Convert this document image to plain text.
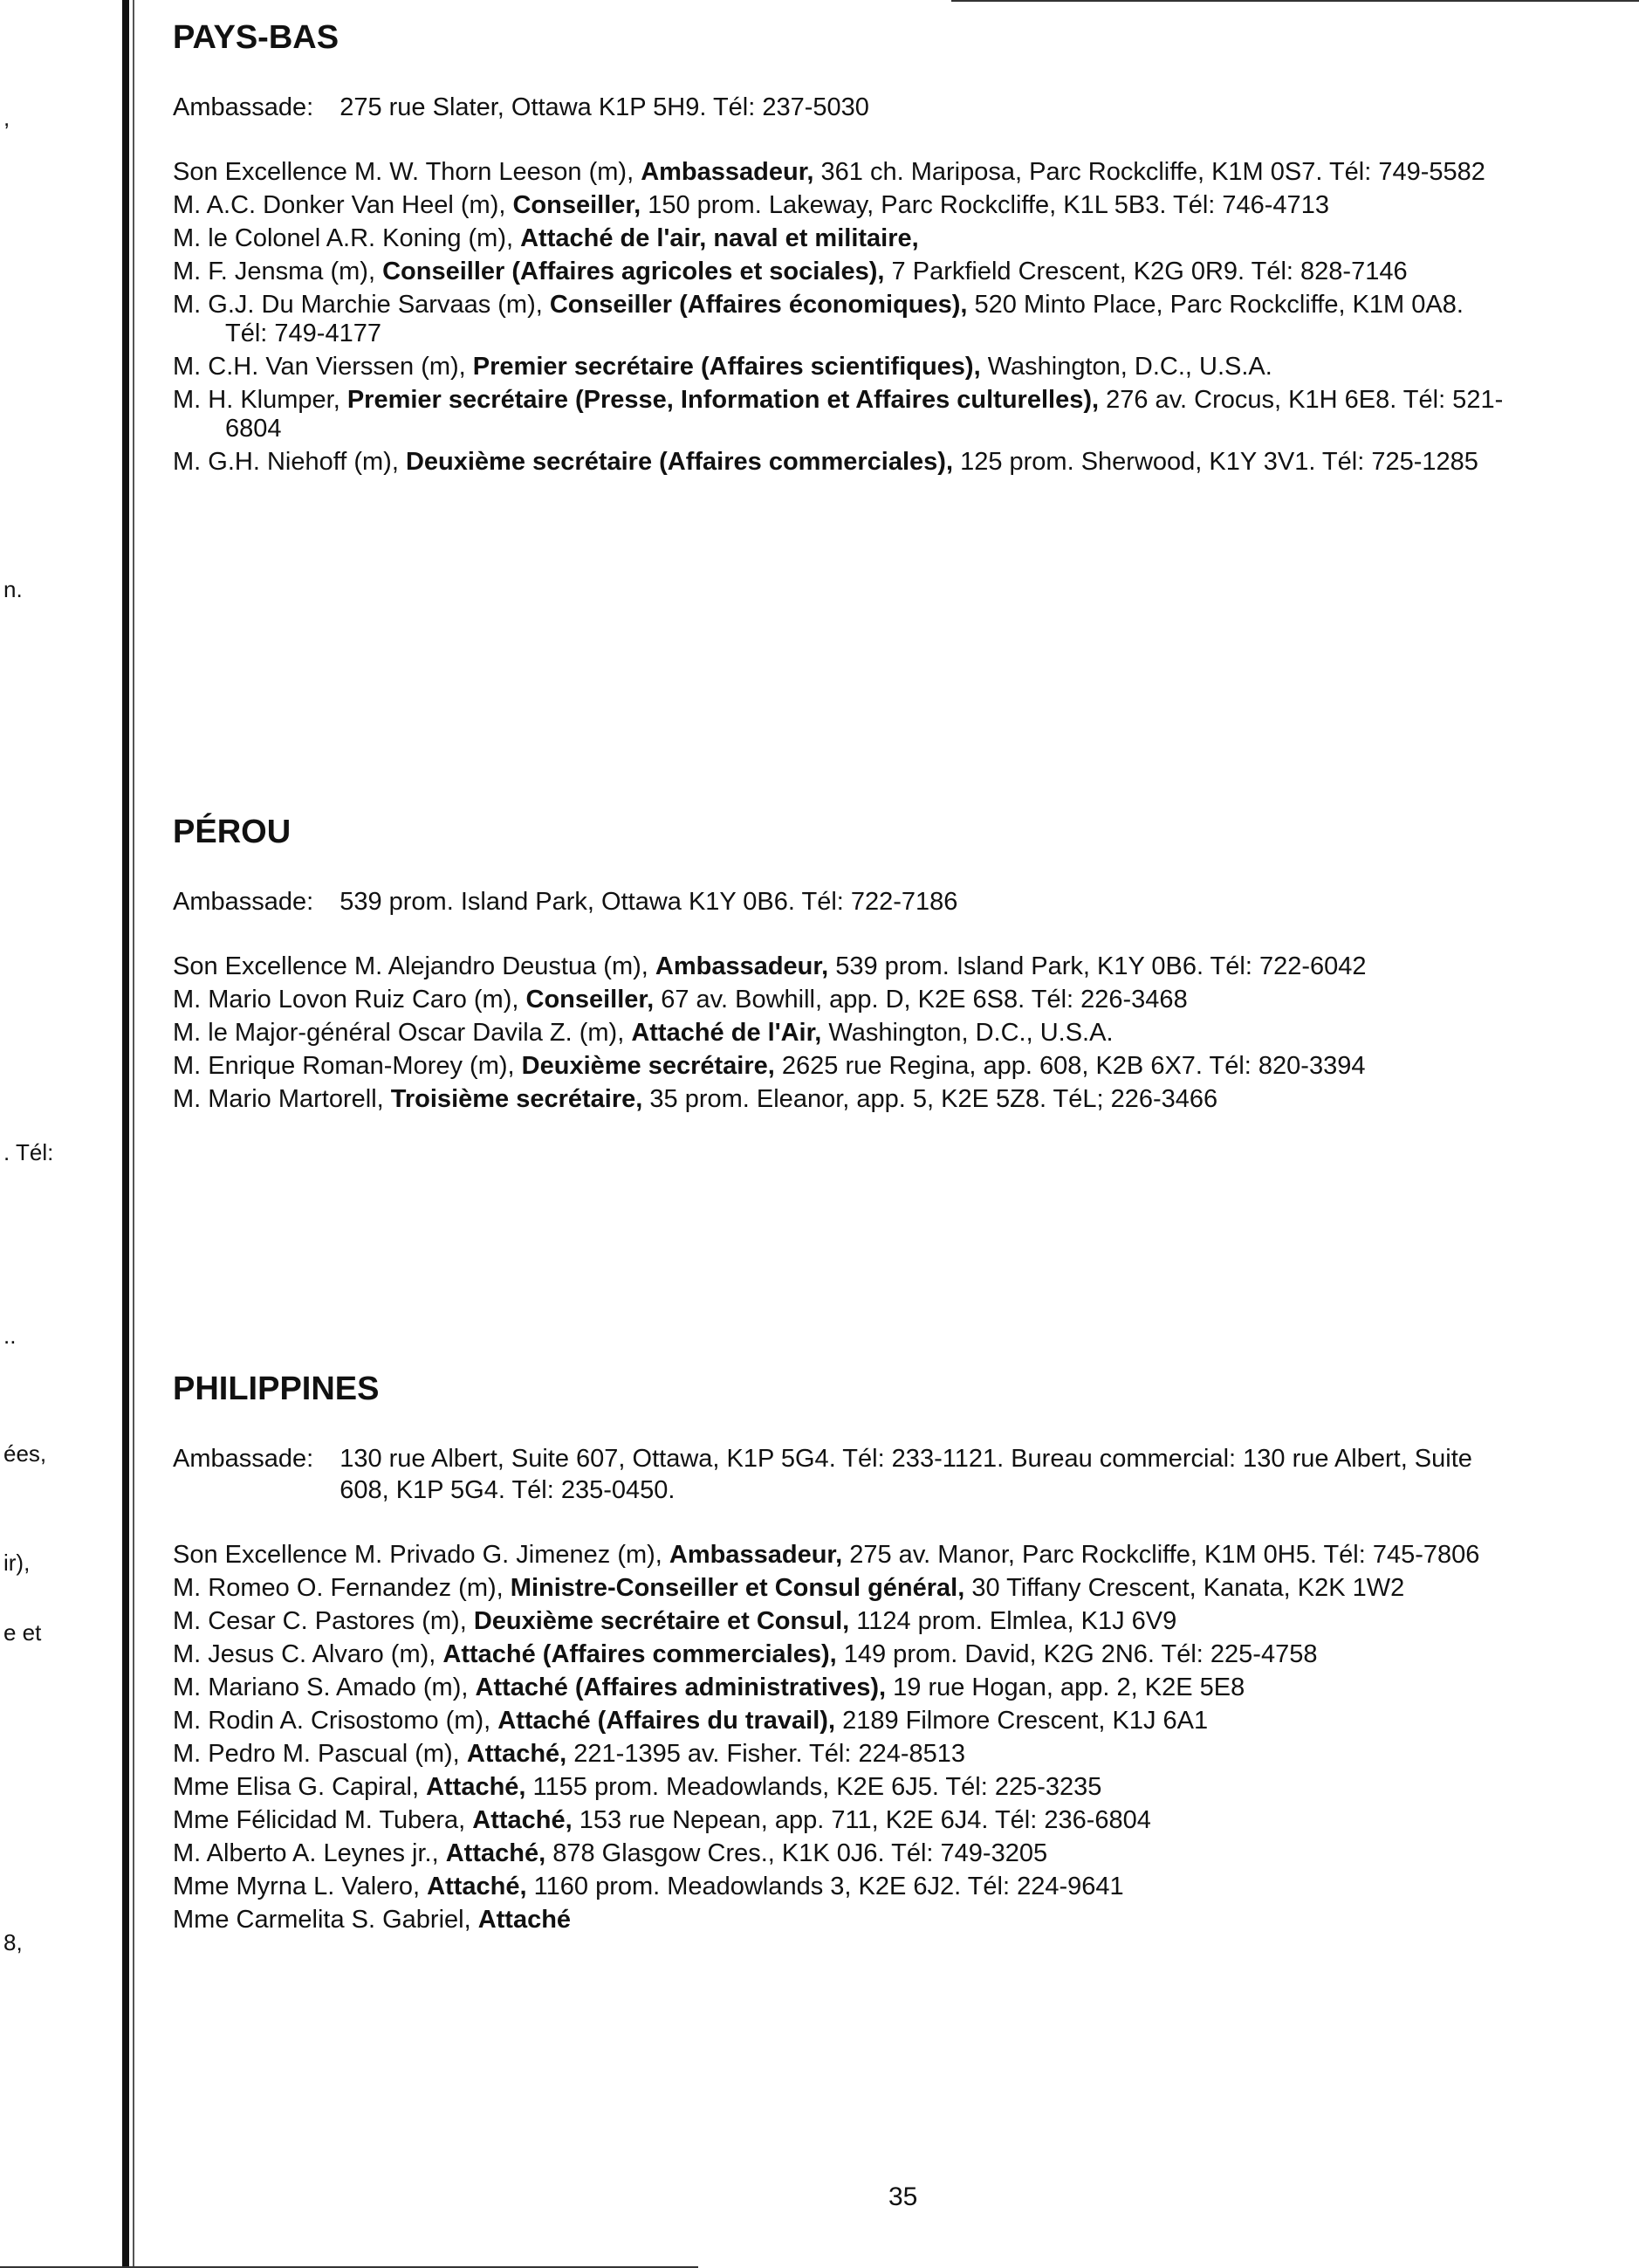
,
n.
. Tél:
..
ées,
ir),
e et
8,
PAYS-BAS
Ambassade: 275 rue Slater, Ottawa K1P 5H9. Tél: 237-5030
Son Excellence M. W. Thorn Leeson (m), Ambassadeur, 361 ch. Mariposa, Parc Rockcliffe, K1M 0S7. Tél: 749-5582
M. A.C. Donker Van Heel (m), Conseiller, 150 prom. Lakeway, Parc Rockcliffe, K1L 5B3. Tél: 746-4713
M. le Colonel A.R. Koning (m), Attaché de l'air, naval et militaire,
M. F. Jensma (m), Conseiller (Affaires agricoles et sociales), 7 Parkfield Crescent, K2G 0R9. Tél: 828-7146
M. G.J. Du Marchie Sarvaas (m), Conseiller (Affaires économiques), 520 Minto Place, Parc Rockcliffe, K1M 0A8. Tél: 749-4177
M. C.H. Van Vierssen (m), Premier secrétaire (Affaires scientifiques), Washington, D.C., U.S.A.
M. H. Klumper, Premier secrétaire (Presse, Information et Affaires culturelles), 276 av. Crocus, K1H 6E8. Tél: 521-6804
M. G.H. Niehoff (m), Deuxième secrétaire (Affaires commerciales), 125 prom. Sherwood, K1Y 3V1. Tél: 725-1285
PÉROU
Ambassade: 539 prom. Island Park, Ottawa K1Y 0B6. Tél: 722-7186
Son Excellence M. Alejandro Deustua (m), Ambassadeur, 539 prom. Island Park, K1Y 0B6. Tél: 722-6042
M. Mario Lovon Ruiz Caro (m), Conseiller, 67 av. Bowhill, app. D, K2E 6S8. Tél: 226-3468
M. le Major-général Oscar Davila Z. (m), Attaché de l'Air, Washington, D.C., U.S.A.
M. Enrique Roman-Morey (m), Deuxième secrétaire, 2625 rue Regina, app. 608, K2B 6X7. Tél: 820-3394
M. Mario Martorell, Troisième secrétaire, 35 prom. Eleanor, app. 5, K2E 5Z8. TéL; 226-3466
PHILIPPINES
Ambassade: 130 rue Albert, Suite 607, Ottawa, K1P 5G4. Tél: 233-1121. Bureau commercial: 130 rue Albert, Suite 608, K1P 5G4. Tél: 235-0450.
Son Excellence M. Privado G. Jimenez (m), Ambassadeur, 275 av. Manor, Parc Rockcliffe, K1M 0H5. Tél: 745-7806
M. Romeo O. Fernandez (m), Ministre-Conseiller et Consul général, 30 Tiffany Crescent, Kanata, K2K 1W2
M. Cesar C. Pastores (m), Deuxième secrétaire et Consul, 1124 prom. Elmlea, K1J 6V9
M. Jesus C. Alvaro (m), Attaché (Affaires commerciales), 149 prom. David, K2G 2N6. Tél: 225-4758
M. Mariano S. Amado (m), Attaché (Affaires administratives), 19 rue Hogan, app. 2, K2E 5E8
M. Rodin A. Crisostomo (m), Attaché (Affaires du travail), 2189 Filmore Crescent, K1J 6A1
M. Pedro M. Pascual (m), Attaché, 221-1395 av. Fisher. Tél: 224-8513
Mme Elisa G. Capiral, Attaché, 1155 prom. Meadowlands, K2E 6J5. Tél: 225-3235
Mme Félicidad M. Tubera, Attaché, 153 rue Nepean, app. 711, K2E 6J4. Tél: 236-6804
M. Alberto A. Leynes jr., Attaché, 878 Glasgow Cres., K1K 0J6. Tél: 749-3205
Mme Myrna L. Valero, Attaché, 1160 prom. Meadowlands 3, K2E 6J2. Tél: 224-9641
Mme Carmelita S. Gabriel, Attaché
35
